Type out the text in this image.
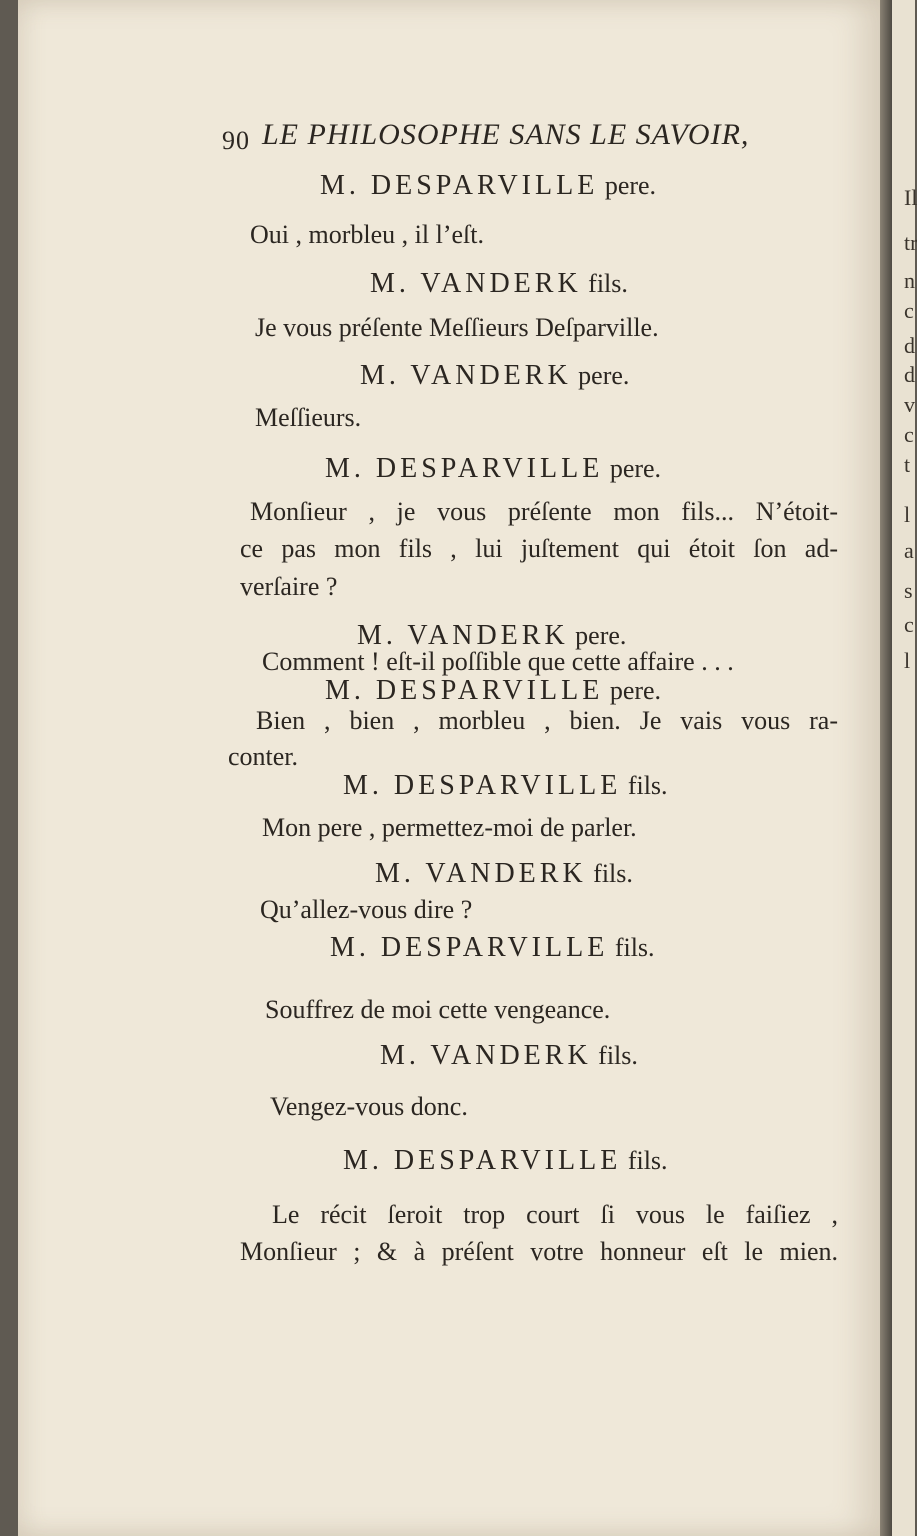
Il
tr
n
c
d
d
v
c
t
l
a
s
c
l
90 LE PHILOSOPHE SANS LE SAVOIR,
M. DESPARVILLE pere.
Oui , morbleu , il l’eſt.
M. VANDERK fils.
Je vous préſente Meſſieurs Deſparville.
M. VANDERK pere.
Meſſieurs.
M. DESPARVILLE pere.
Monſieur , je vous préſente mon fils... N’étoit-
ce pas mon fils , lui juſtement qui étoit ſon ad-
verſaire ?
M. VANDERK pere.
Comment ! eſt-il poſſible que cette affaire . . .
M. DESPARVILLE pere.
Bien , bien , morbleu , bien. Je vais vous ra-
conter.
M. DESPARVILLE fils.
Mon pere , permettez-moi de parler.
M. VANDERK fils.
Qu’allez-vous dire ?
M. DESPARVILLE fils.
Souffrez de moi cette vengeance.
M. VANDERK fils.
Vengez-vous donc.
M. DESPARVILLE fils.
Le récit ſeroit trop court ſi vous le faiſiez ,
Monſieur ; & à préſent votre honneur eſt le mien.
